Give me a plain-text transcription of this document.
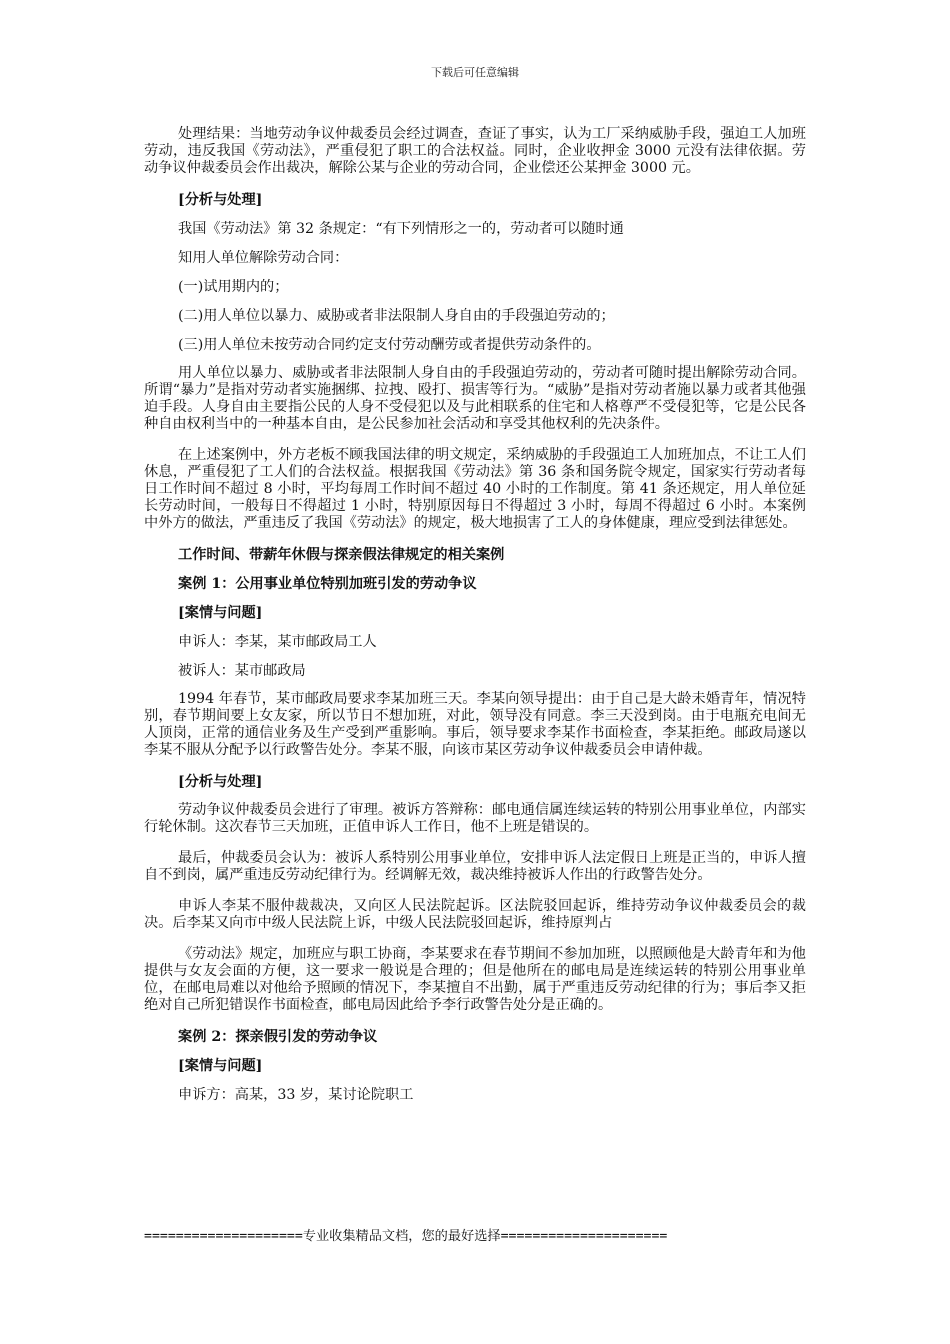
下载后可任意编辑

处理结果：当地劳动争议仲裁委员会经过调查，查证了事实，认为工厂采纳威胁手段，强迫工人加班劳动，违反我国《劳动法》，严重侵犯了职工的合法权益。同时，企业收押金 3000 元没有法律依据。劳动争议仲裁委员会作出裁决，解除公某与企业的劳动合同，企业偿还公某押金 3000 元。

[分析与处理]

我国《劳动法》第 32 条规定：“有下列情形之一的，劳动者可以随时通

知用人单位解除劳动合同：

(一)试用期内的；

(二)用人单位以暴力、威胁或者非法限制人身自由的手段强迫劳动的；

(三)用人单位未按劳动合同约定支付劳动酬劳或者提供劳动条件的。

用人单位以暴力、威胁或者非法限制人身自由的手段强迫劳动的，劳动者可随时提出解除劳动合同。所谓“暴力”是指对劳动者实施捆绑、拉拽、殴打、损害等行为。“威胁”是指对劳动者施以暴力或者其他强迫手段。人身自由主要指公民的人身不受侵犯以及与此相联系的住宅和人格尊严不受侵犯等，它是公民各种自由权利当中的一种基本自由，是公民参加社会活动和享受其他权利的先决条件。

在上述案例中，外方老板不顾我国法律的明文规定，采纳威胁的手段强迫工人加班加点，不让工人们休息，严重侵犯了工人们的合法权益。根据我国《劳动法》第 36 条和国务院令规定，国家实行劳动者每日工作时间不超过 8 小时，平均每周工作时间不超过 40 小时的工作制度。第 41 条还规定，用人单位延长劳动时间，一般每日不得超过 1 小时，特别原因每日不得超过 3 小时，每周不得超过 6 小时。本案例中外方的做法，严重违反了我国《劳动法》的规定，极大地损害了工人的身体健康，理应受到法律惩处。

工作时间、带薪年休假与探亲假法律规定的相关案例

案例 1：公用事业单位特别加班引发的劳动争议

[案情与问题]

申诉人：李某，某市邮政局工人

被诉人：某市邮政局

1994 年春节，某市邮政局要求李某加班三天。李某向领导提出：由于自己是大龄未婚青年，情况特别，春节期间要上女友家，所以节日不想加班，对此，领导没有同意。李三天没到岗。由于电瓶充电间无人顶岗，正常的通信业务及生产受到严重影响。事后，领导要求李某作书面检查，李某拒绝。邮政局遂以李某不服从分配予以行政警告处分。李某不服，向该市某区劳动争议仲裁委员会申请仲裁。

[分析与处理]

劳动争议仲裁委员会进行了审理。被诉方答辩称：邮电通信属连续运转的特别公用事业单位，内部实行轮休制。这次春节三天加班，正值申诉人工作日，他不上班是错误的。

最后，仲裁委员会认为：被诉人系特别公用事业单位，安排申诉人法定假日上班是正当的，申诉人擅自不到岗，属严重违反劳动纪律行为。经调解无效，裁决维持被诉人作出的行政警告处分。

申诉人李某不服仲裁裁决，又向区人民法院起诉。区法院驳回起诉，维持劳动争议仲裁委员会的裁决。后李某又向市中级人民法院上诉，中级人民法院驳回起诉，维持原判占

《劳动法》规定，加班应与职工协商，李某要求在春节期间不参加加班，以照顾他是大龄青年和为他提供与女友会面的方便，这一要求一般说是合理的；但是他所在的邮电局是连续运转的特别公用事业单位，在邮电局难以对他给予照顾的情况下，李某擅自不出勤，属于严重违反劳动纪律的行为；事后李又拒绝对自己所犯错误作书面检查，邮电局因此给予李行政警告处分是正确的。

案例 2：探亲假引发的劳动争议

[案情与问题]

申诉方：高某，33 岁，某讨论院职工

====================专业收集精品文档，您的最好选择=====================
